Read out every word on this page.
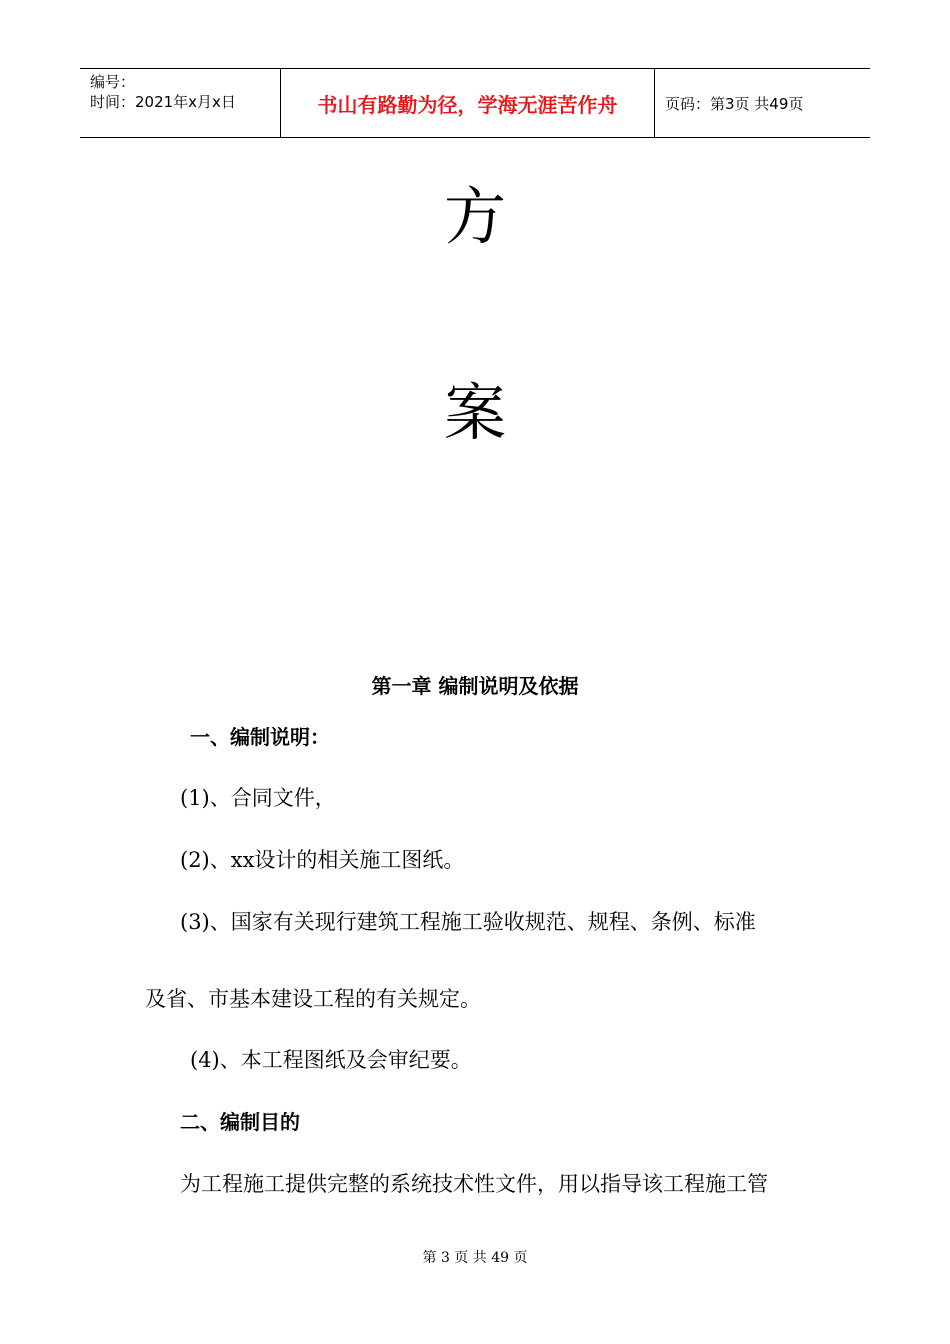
编号：
时间：2021年x月x日	书山有路勤为径，学海无涯苦作舟	页码：第3页 共49页
方
案
第一章 编制说明及依据
一、编制说明：
(1)、合同文件，
(2)、xx设计的相关施工图纸。
(3)、国家有关现行建筑工程施工验收规范、规程、条例、标准
及省、市基本建设工程的有关规定。
(4)、本工程图纸及会审纪要。
二、编制目的
为工程施工提供完整的系统技术性文件，用以指导该工程施工管
第 3 页 共 49 页
